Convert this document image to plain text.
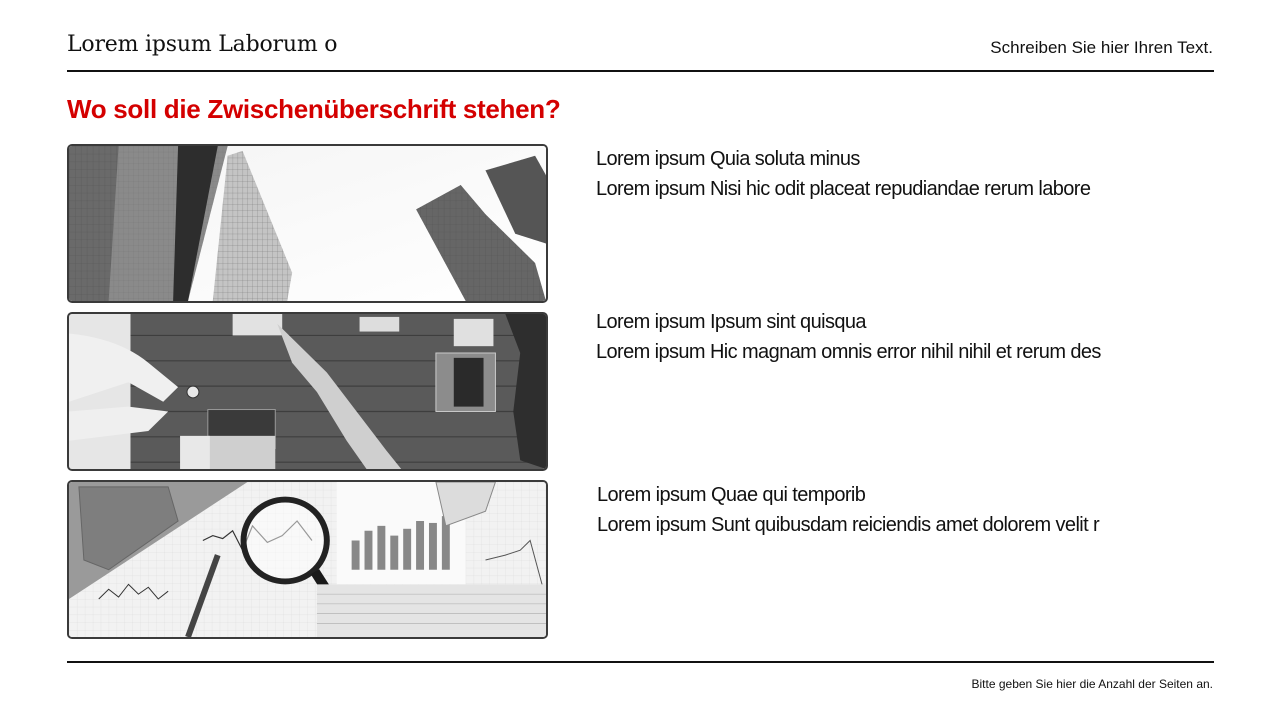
Lorem ipsum Laborum o	Schreiben Sie hier Ihren Text.
Wo soll die Zwischenüberschrift stehen?
Lorem ipsum Quia soluta minus
Lorem ipsum Nisi hic odit placeat repudiandae rerum labore
Lorem ipsum Ipsum sint quisqua
Lorem ipsum Hic magnam omnis error nihil nihil et rerum des
Lorem ipsum Quae qui temporib
Lorem ipsum Sunt quibusdam reiciendis amet dolorem velit r
Bitte geben Sie hier die Anzahl der Seiten an.
